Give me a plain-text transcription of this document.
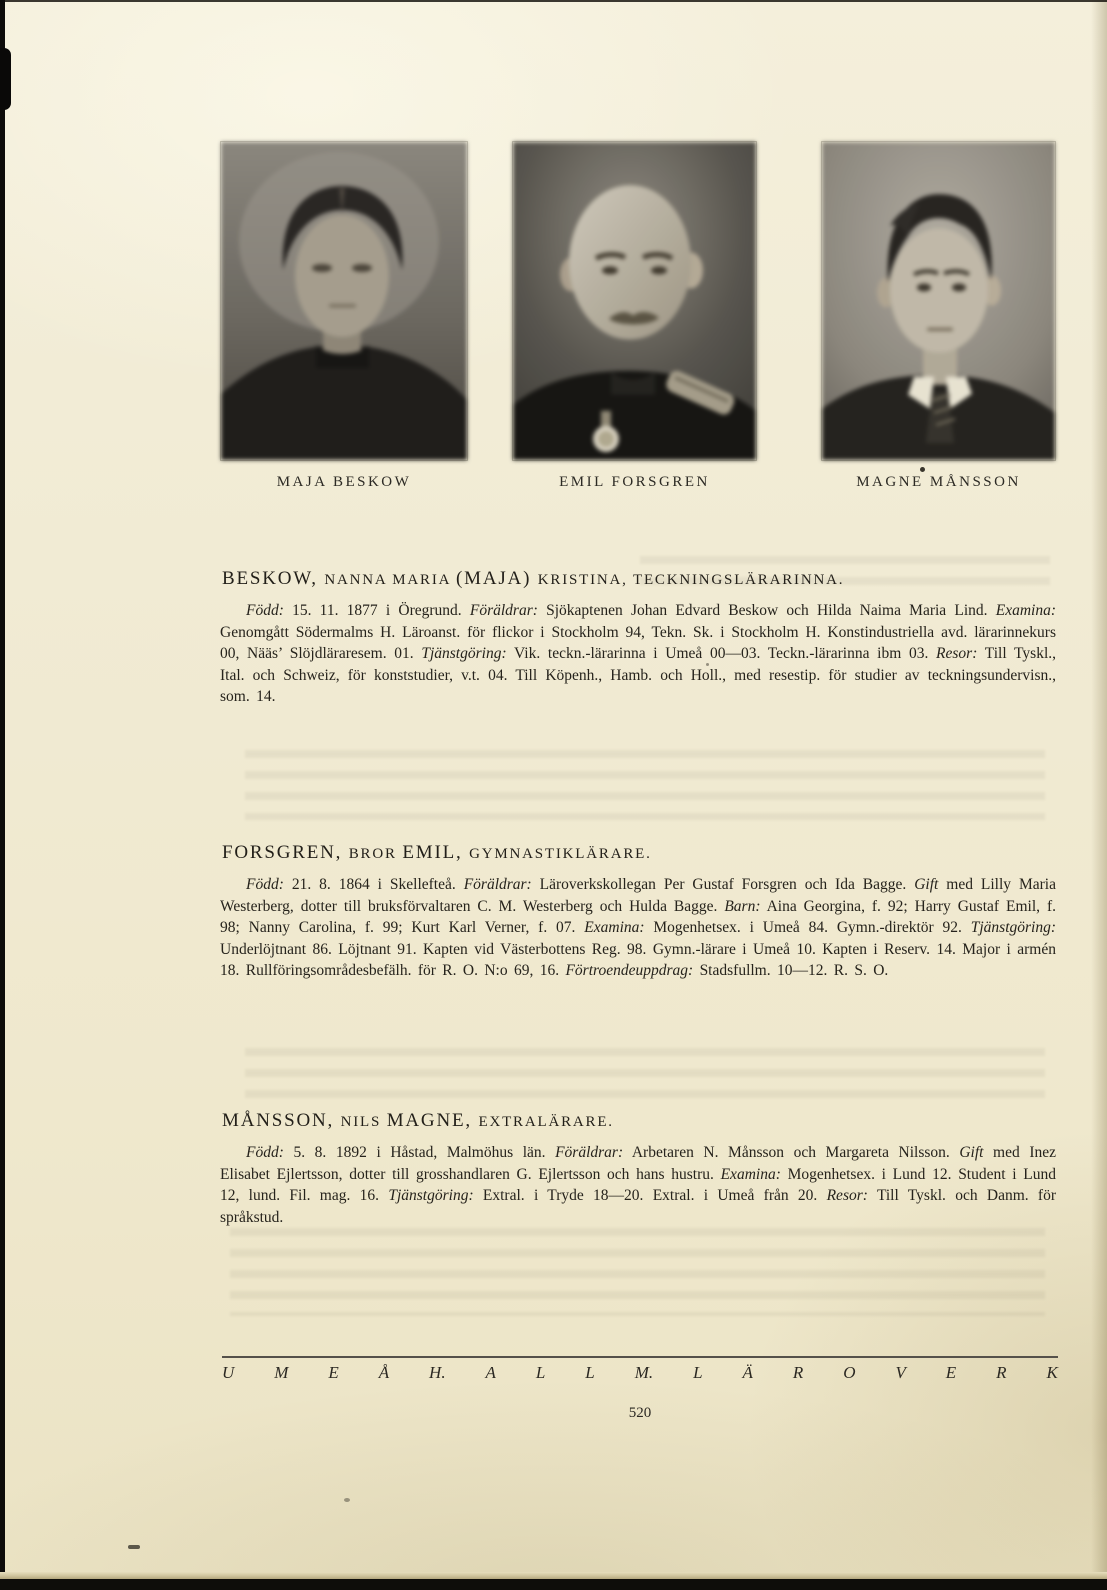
MAJA BESKOW	EMIL FORSGREN	MAGNE MÅNSSON
BESKOW, NANNA MARIA (MAJA) KRISTINA, TECKNINGSLÄRARINNA.

Född: 15. 11. 1877 i Öregrund. Föräldrar: Sjökaptenen Johan Edvard Beskow och Hilda Naima Maria Lind. Examina: Genomgått Södermalms H. Läroanst. för flickor i Stockholm 94, Tekn. Sk. i Stockholm H. Konstindustriella avd. lärarinnekurs 00, Nääs’ Slöjdläraresem. 01. Tjänstgöring: Vik. teckn.-lärarinna i Umeå 00—03. Teckn.-lärarinna ibm 03. Resor: Till Tyskl., Ital. och Schweiz, för konststudier, v.t. 04. Till Köpenh., Hamb. och Holl., med resestip. för studier av teckningsundervisn., som. 14.

FORSGREN, BROR EMIL, GYMNASTIKLÄRARE.

Född: 21. 8. 1864 i Skellefteå. Föräldrar: Läroverkskollegan Per Gustaf Forsgren och Ida Bagge. Gift med Lilly Maria Westerberg, dotter till bruksförvaltaren C. M. Westerberg och Hulda Bagge. Barn: Aina Georgina, f. 92; Harry Gustaf Emil, f. 98; Nanny Carolina, f. 99; Kurt Karl Verner, f. 07. Examina: Mogenhetsex. i Umeå 84. Gymn.-direktör 92. Tjänstgöring: Underlöjtnant 86. Löjtnant 91. Kapten vid Västerbottens Reg. 98. Gymn.-lärare i Umeå 10. Kapten i Reserv. 14. Major i armén 18. Rullföringsområdesbefälh. för R. O. N:o 69, 16. Förtroendeuppdrag: Stadsfullm. 10—12. R. S. O.

MÅNSSON, NILS MAGNE, EXTRALÄRARE.

Född: 5. 8. 1892 i Håstad, Malmöhus län. Föräldrar: Arbetaren N. Månsson och Margareta Nilsson. Gift med Inez Elisabet Ejlertsson, dotter till grosshandlaren G. Ejlertsson och hans hustru. Examina: Mogenhetsex. i Lund 12. Student i Lund 12, lund. Fil. mag. 16. Tjänstgöring: Extral. i Tryde 18—20. Extral. i Umeå från 20. Resor: Till Tyskl. och Danm. för språkstud.

U M E Å H. A L L M. L Ä R O V E R K
520
